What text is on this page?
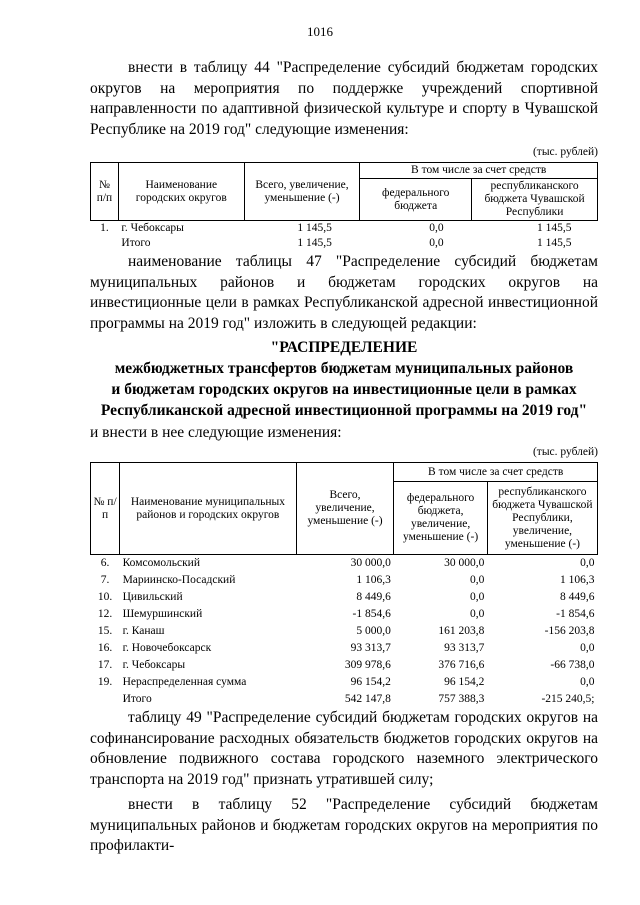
1016

внести в таблицу 44 "Распределение субсидий бюджетам городских округов на мероприятия по поддержке учреждений спортивной направленности по адаптивной физической культуре и спорту в Чувашской Республике на 2019 год" следующие изменения:

(тыс. рублей)
№ п/п	Наименование городских округов	Всего, увеличение, уменьшение (-)	В том числе за счет средств	
			федерального бюджета	республиканского бюджета Чувашской Республики
1.	г. Чебоксары	1 145,5	0,0	1 145,5
	Итого	1 145,5	0,0	1 145,5

наименование таблицы 47 "Распределение субсидий бюджетам муниципальных районов и бюджетам городских округов на инвестиционные цели в рамках Республиканской адресной инвестиционной программы на 2019 год" изложить в следующей редакции:

"РАСПРЕДЕЛЕНИЕ

межбюджетных трансфертов бюджетам муниципальных районов

и бюджетам городских округов на инвестиционные цели в рамках

Республиканской адресной инвестиционной программы на 2019 год"

и внести в нее следующие изменения:

(тыс. рублей)
№ п/п	Наименование муниципальных районов и городских округов	Всего, увеличение, уменьшение (-)	В том числе за счет средств	
			федерального бюджета, увеличение, уменьшение (-)	республиканского бюджета Чувашской Республики, увеличение, уменьшение (-)
6.	Комсомольский	30 000,0	30 000,0	0,0
7.	Мариинско-Посадский	1 106,3	0,0	1 106,3
10.	Цивильский	8 449,6	0,0	8 449,6
12.	Шемуршинский	-1 854,6	0,0	-1 854,6
15.	г. Канаш	5 000,0	161 203,8	-156 203,8
16.	г. Новочебоксарск	93 313,7	93 313,7	0,0
17.	г. Чебоксары	309 978,6	376 716,6	-66 738,0
19.	Нераспределенная сумма	96 154,2	96 154,2	0,0
	Итого	542 147,8	757 388,3	-215 240,5;

таблицу 49 "Распределение субсидий бюджетам городских округов на софинансирование расходных обязательств бюджетов городских округов на обновление подвижного состава городского наземного электрического транспорта на 2019 год" признать утратившей силу;

внести в таблицу 52 "Распределение субсидий бюджетам муниципальных районов и бюджетам городских округов на мероприятия по профилакти-
